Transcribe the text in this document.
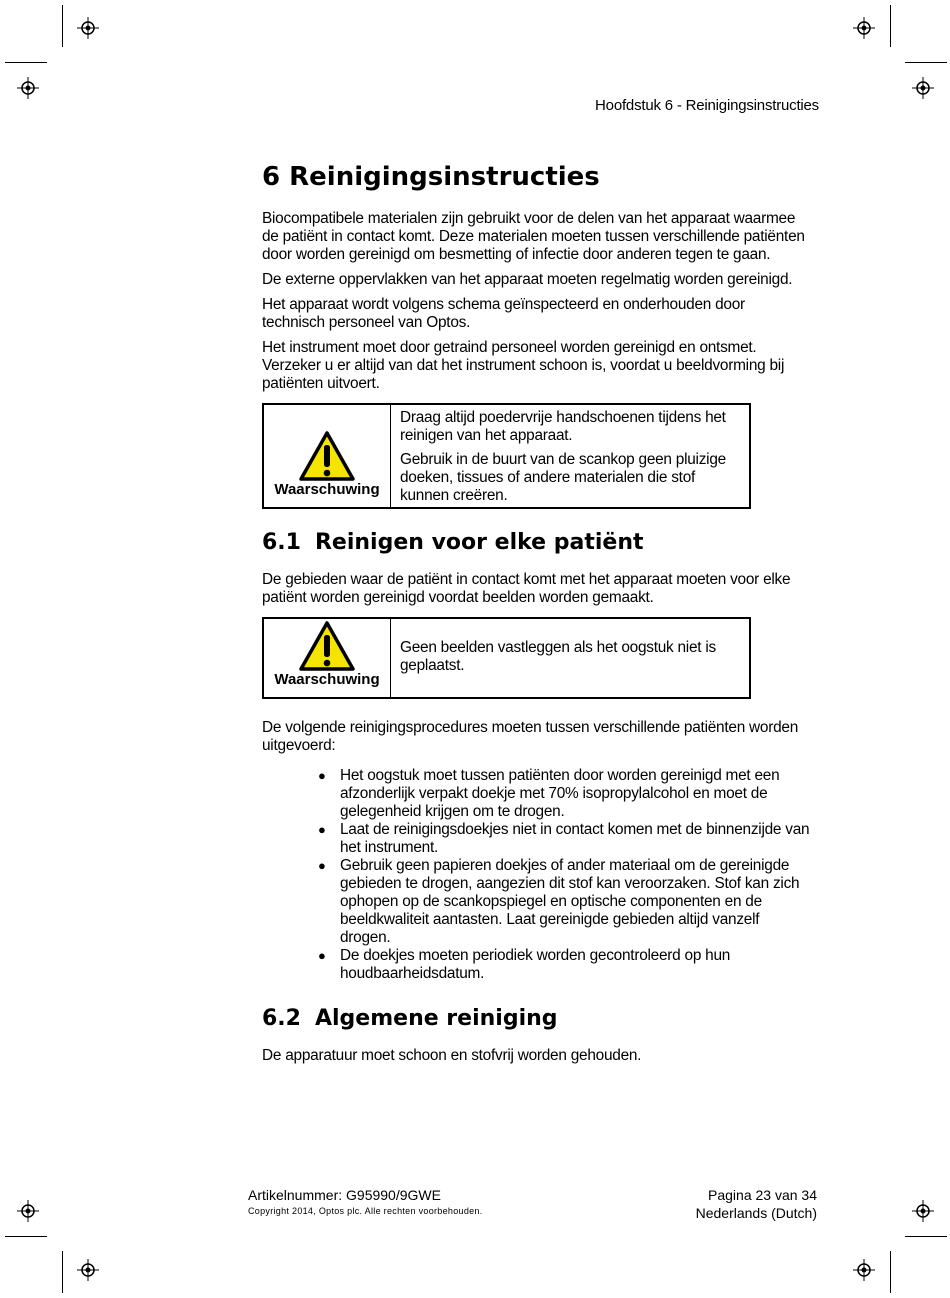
Hoofdstuk 6 - Reinigingsinstructies
6 Reinigingsinstructies

Biocompatibele materialen zijn gebruikt voor de delen van het apparaat waarmee de patiënt in contact komt. Deze materialen moeten tussen verschillende patiënten door worden gereinigd om besmetting of infectie door anderen tegen te gaan.

De externe oppervlakken van het apparaat moeten regelmatig worden gereinigd.

Het apparaat wordt volgens schema geïnspecteerd en onderhouden door technisch personeel van Optos.

Het instrument moet door getraind personeel worden gereinigd en ontsmet. Verzeker u er altijd van dat het instrument schoon is, voordat u beeldvorming bij patiënten uitvoert.

Waarschuwing

Draag altijd poedervrije handschoenen tijdens het reinigen van het apparaat.

Gebruik in de buurt van de scankop geen pluizige doeken, tissues of andere materialen die stof kunnen creëren.

6.1 Reinigen voor elke patiënt

De gebieden waar de patiënt in contact komt met het apparaat moeten voor elke patiënt worden gereinigd voordat beelden worden gemaakt.

Waarschuwing

Geen beelden vastleggen als het oogstuk niet is geplaatst.

De volgende reinigingsprocedures moeten tussen verschillende patiënten worden uitgevoerd:

● Het oogstuk moet tussen patiënten door worden gereinigd met een afzonderlijk verpakt doekje met 70% isopropylalcohol en moet de gelegenheid krijgen om te drogen.
● Laat de reinigingsdoekjes niet in contact komen met de binnenzijde van het instrument.
● Gebruik geen papieren doekjes of ander materiaal om de gereinigde gebieden te drogen, aangezien dit stof kan veroorzaken. Stof kan zich ophopen op de scankopspiegel en optische componenten en de beeldkwaliteit aantasten. Laat gereinigde gebieden altijd vanzelf drogen.
● De doekjes moeten periodiek worden gecontroleerd op hun houdbaarheidsdatum.
6.2 Algemene reiniging

De apparatuur moet schoon en stofvrij worden gehouden.

Artikelnummer: G95990/9GWE
Copyright 2014, Optos plc. Alle rechten voorbehouden.
Pagina 23 van 34
Nederlands (Dutch)
